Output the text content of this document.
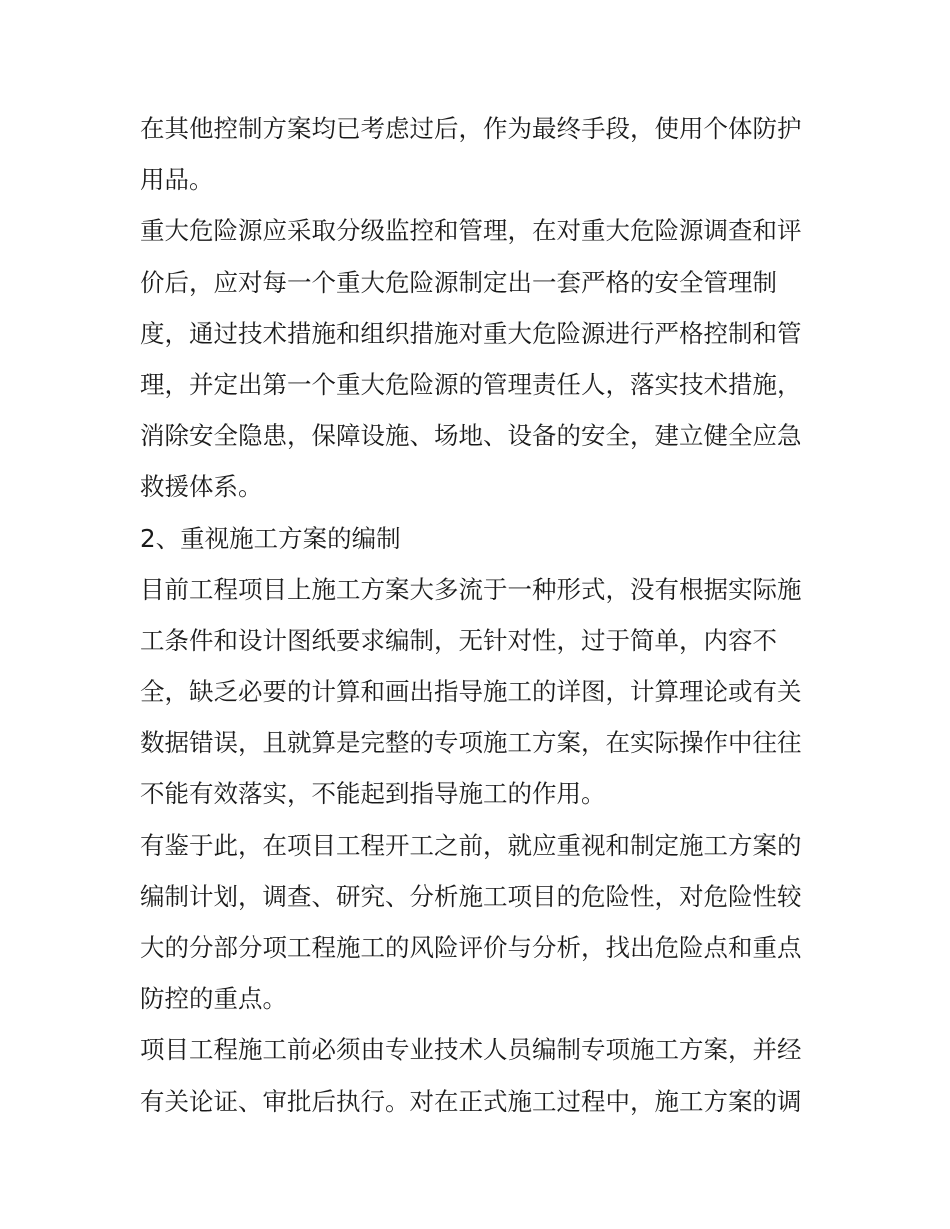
在其他控制方案均已考虑过后，作为最终手段，使用个体防护
用品。
重大危险源应采取分级监控和管理，在对重大危险源调查和评
价后，应对每一个重大危险源制定出一套严格的安全管理制
度，通过技术措施和组织措施对重大危险源进行严格控制和管
理，并定出第一个重大危险源的管理责任人，落实技术措施，
消除安全隐患，保障设施、场地、设备的安全，建立健全应急
救援体系。
2、重视施工方案的编制
目前工程项目上施工方案大多流于一种形式，没有根据实际施
工条件和设计图纸要求编制，无针对性，过于简单，内容不
全，缺乏必要的计算和画出指导施工的详图，计算理论或有关
数据错误，且就算是完整的专项施工方案，在实际操作中往往
不能有效落实，不能起到指导施工的作用。
有鉴于此，在项目工程开工之前，就应重视和制定施工方案的
编制计划，调查、研究、分析施工项目的危险性，对危险性较
大的分部分项工程施工的风险评价与分析，找出危险点和重点
防控的重点。
项目工程施工前必须由专业技术人员编制专项施工方案，并经
有关论证、审批后执行。对在正式施工过程中，施工方案的调
